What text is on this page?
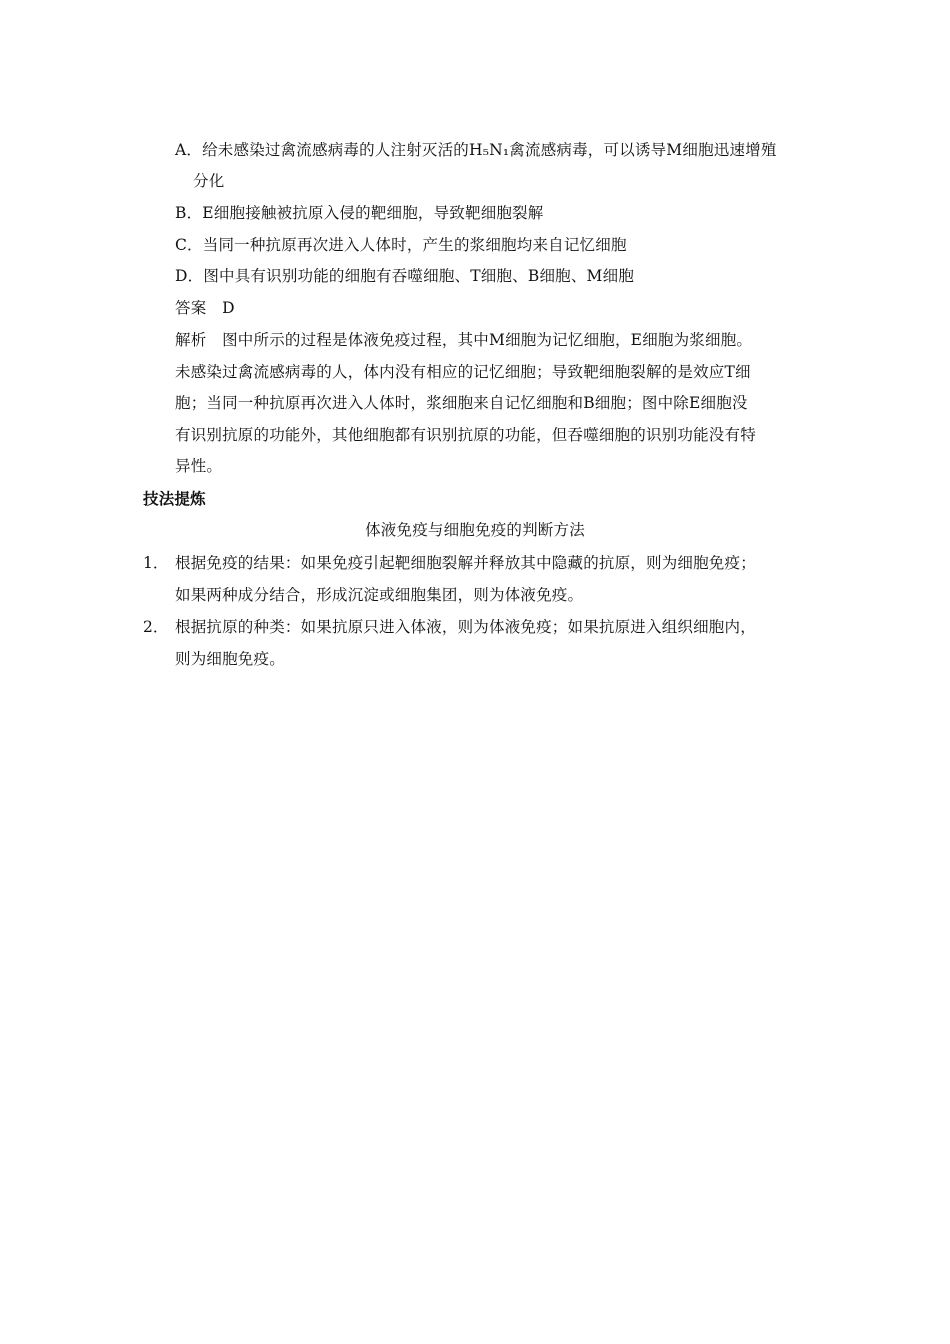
A．给未感染过禽流感病毒的人注射灭活的H₅N₁禽流感病毒，可以诱导M细胞迅速增殖
分化
B．E细胞接触被抗原入侵的靶细胞，导致靶细胞裂解
C．当同一种抗原再次进入人体时，产生的浆细胞均来自记忆细胞
D．图中具有识别功能的细胞有吞噬细胞、T细胞、B细胞、M细胞
答案　D
解析　图中所示的过程是体液免疫过程，其中M细胞为记忆细胞，E细胞为浆细胞。
未感染过禽流感病毒的人，体内没有相应的记忆细胞；导致靶细胞裂解的是效应T细
胞；当同一种抗原再次进入人体时，浆细胞来自记忆细胞和B细胞；图中除E细胞没
有识别抗原的功能外，其他细胞都有识别抗原的功能，但吞噬细胞的识别功能没有特
异性。
技法提炼
体液免疫与细胞免疫的判断方法
1． 根据免疫的结果：如果免疫引起靶细胞裂解并释放其中隐藏的抗原，则为细胞免疫；
如果两种成分结合，形成沉淀或细胞集团，则为体液免疫。
2． 根据抗原的种类：如果抗原只进入体液，则为体液免疫；如果抗原进入组织细胞内，
则为细胞免疫。
